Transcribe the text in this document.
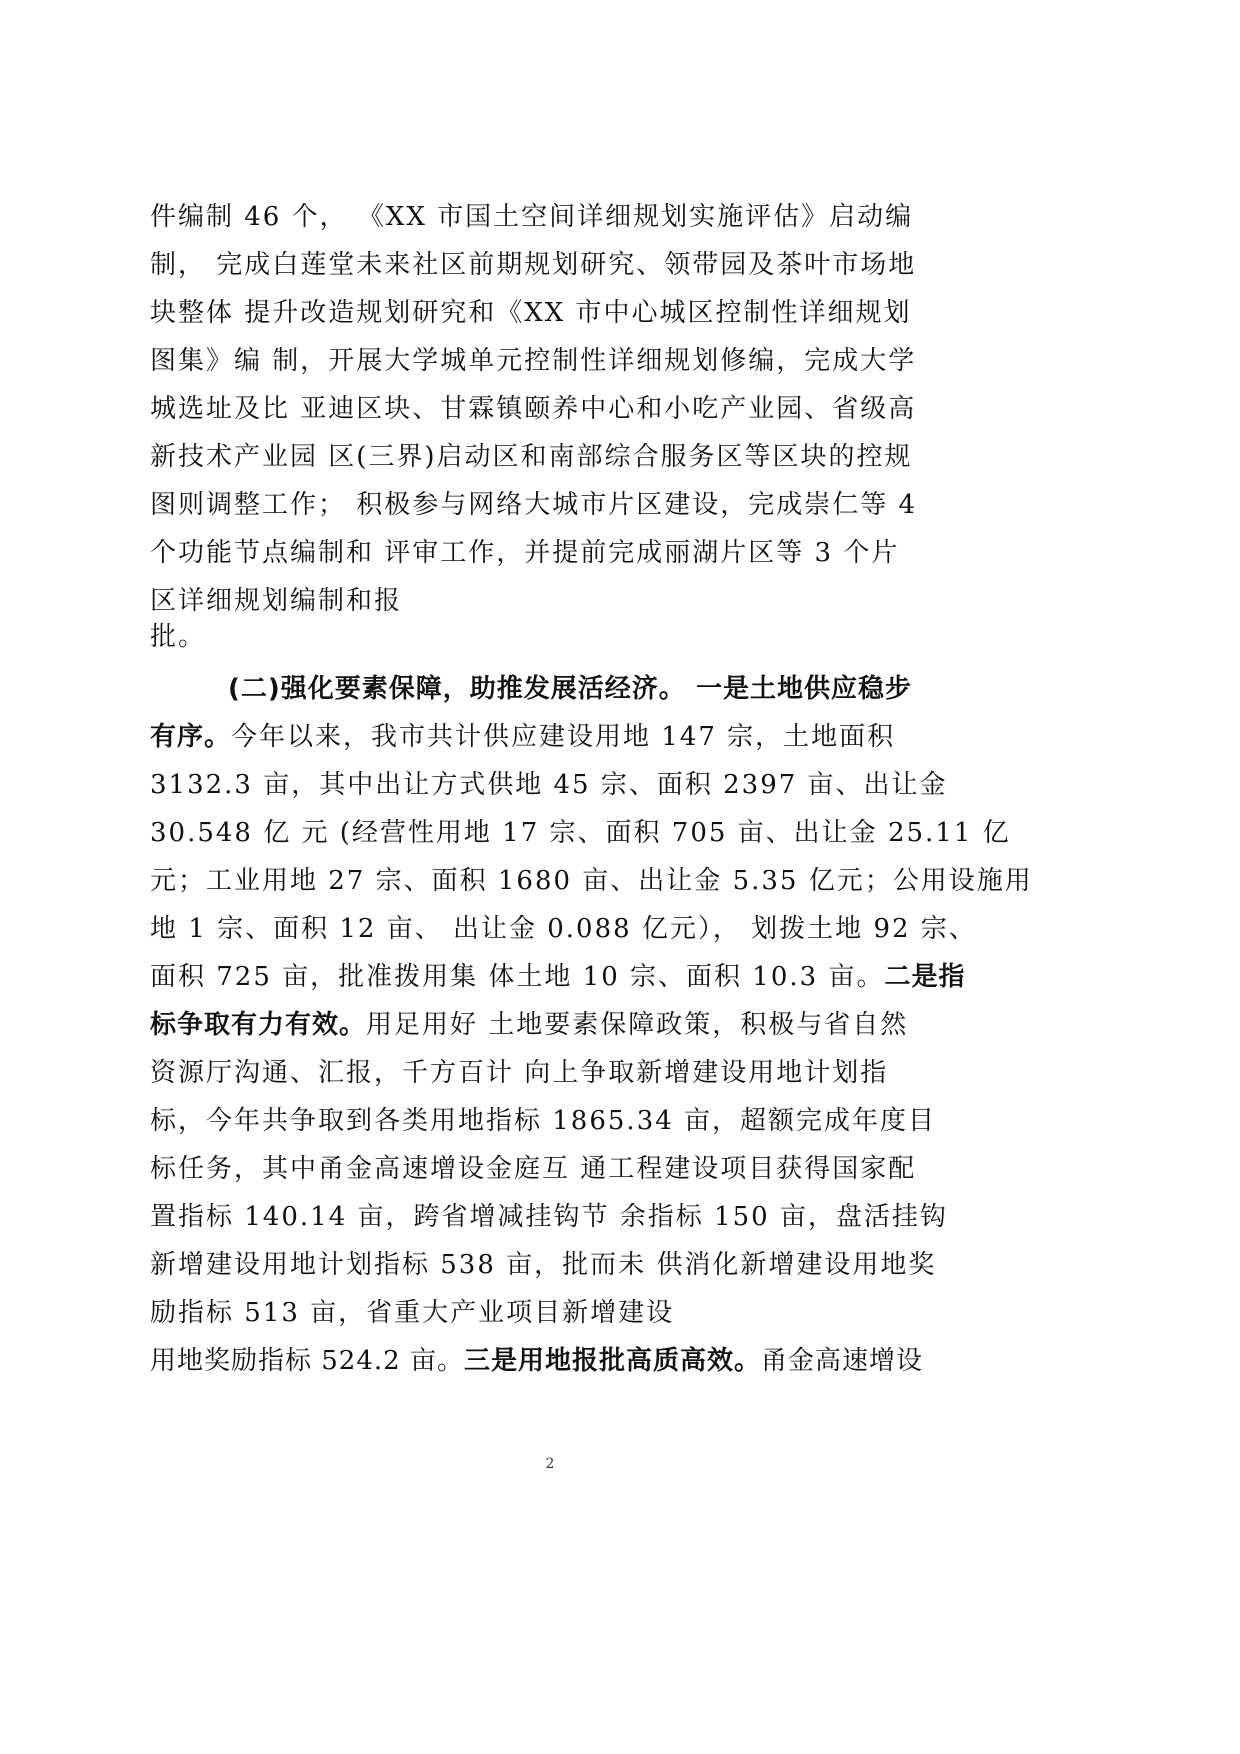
件编制 46 个， 《XX 市国土空间详细规划实施评估》启动编
制， 完成白莲堂未来社区前期规划研究、领带园及茶叶市场地
块整体 提升改造规划研究和《XX 市中心城区控制性详细规划
图集》编 制，开展大学城单元控制性详细规划修编，完成大学
城选址及比 亚迪区块、甘霖镇颐养中心和小吃产业园、省级高
新技术产业园 区(三界)启动区和南部综合服务区等区块的控规
图则调整工作； 积极参与网络大城市片区建设，完成崇仁等 4
个功能节点编制和 评审工作，并提前完成丽湖片区等 3 个片
区详细规划编制和报
批。
(二)强化要素保障，助推发展活经济。 一是土地供应稳步
有序。今年以来，我市共计供应建设用地 147 宗，土地面积
3132.3 亩，其中出让方式供地 45 宗、面积 2397 亩、出让金
30.548 亿 元 (经营性用地 17 宗、面积 705 亩、出让金 25.11 亿
元；工业用地 27 宗、面积 1680 亩、出让金 5.35 亿元；公用设施用
地 1 宗、面积 12 亩、 出让金 0.088 亿元）， 划拨土地 92 宗、
面积 725 亩，批准拨用集 体土地 10 宗、面积 10.3 亩。二是指
标争取有力有效。用足用好 土地要素保障政策，积极与省自然
资源厅沟通、汇报，千方百计 向上争取新增建设用地计划指
标，今年共争取到各类用地指标 1865.34 亩，超额完成年度目
标任务，其中甬金高速增设金庭互 通工程建设项目获得国家配
置指标 140.14 亩，跨省增减挂钩节 余指标 150 亩，盘活挂钩
新增建设用地计划指标 538 亩，批而未 供消化新增建设用地奖
励指标 513 亩，省重大产业项目新增建设
用地奖励指标 524.2 亩。三是用地报批高质高效。甬金高速增设
2
